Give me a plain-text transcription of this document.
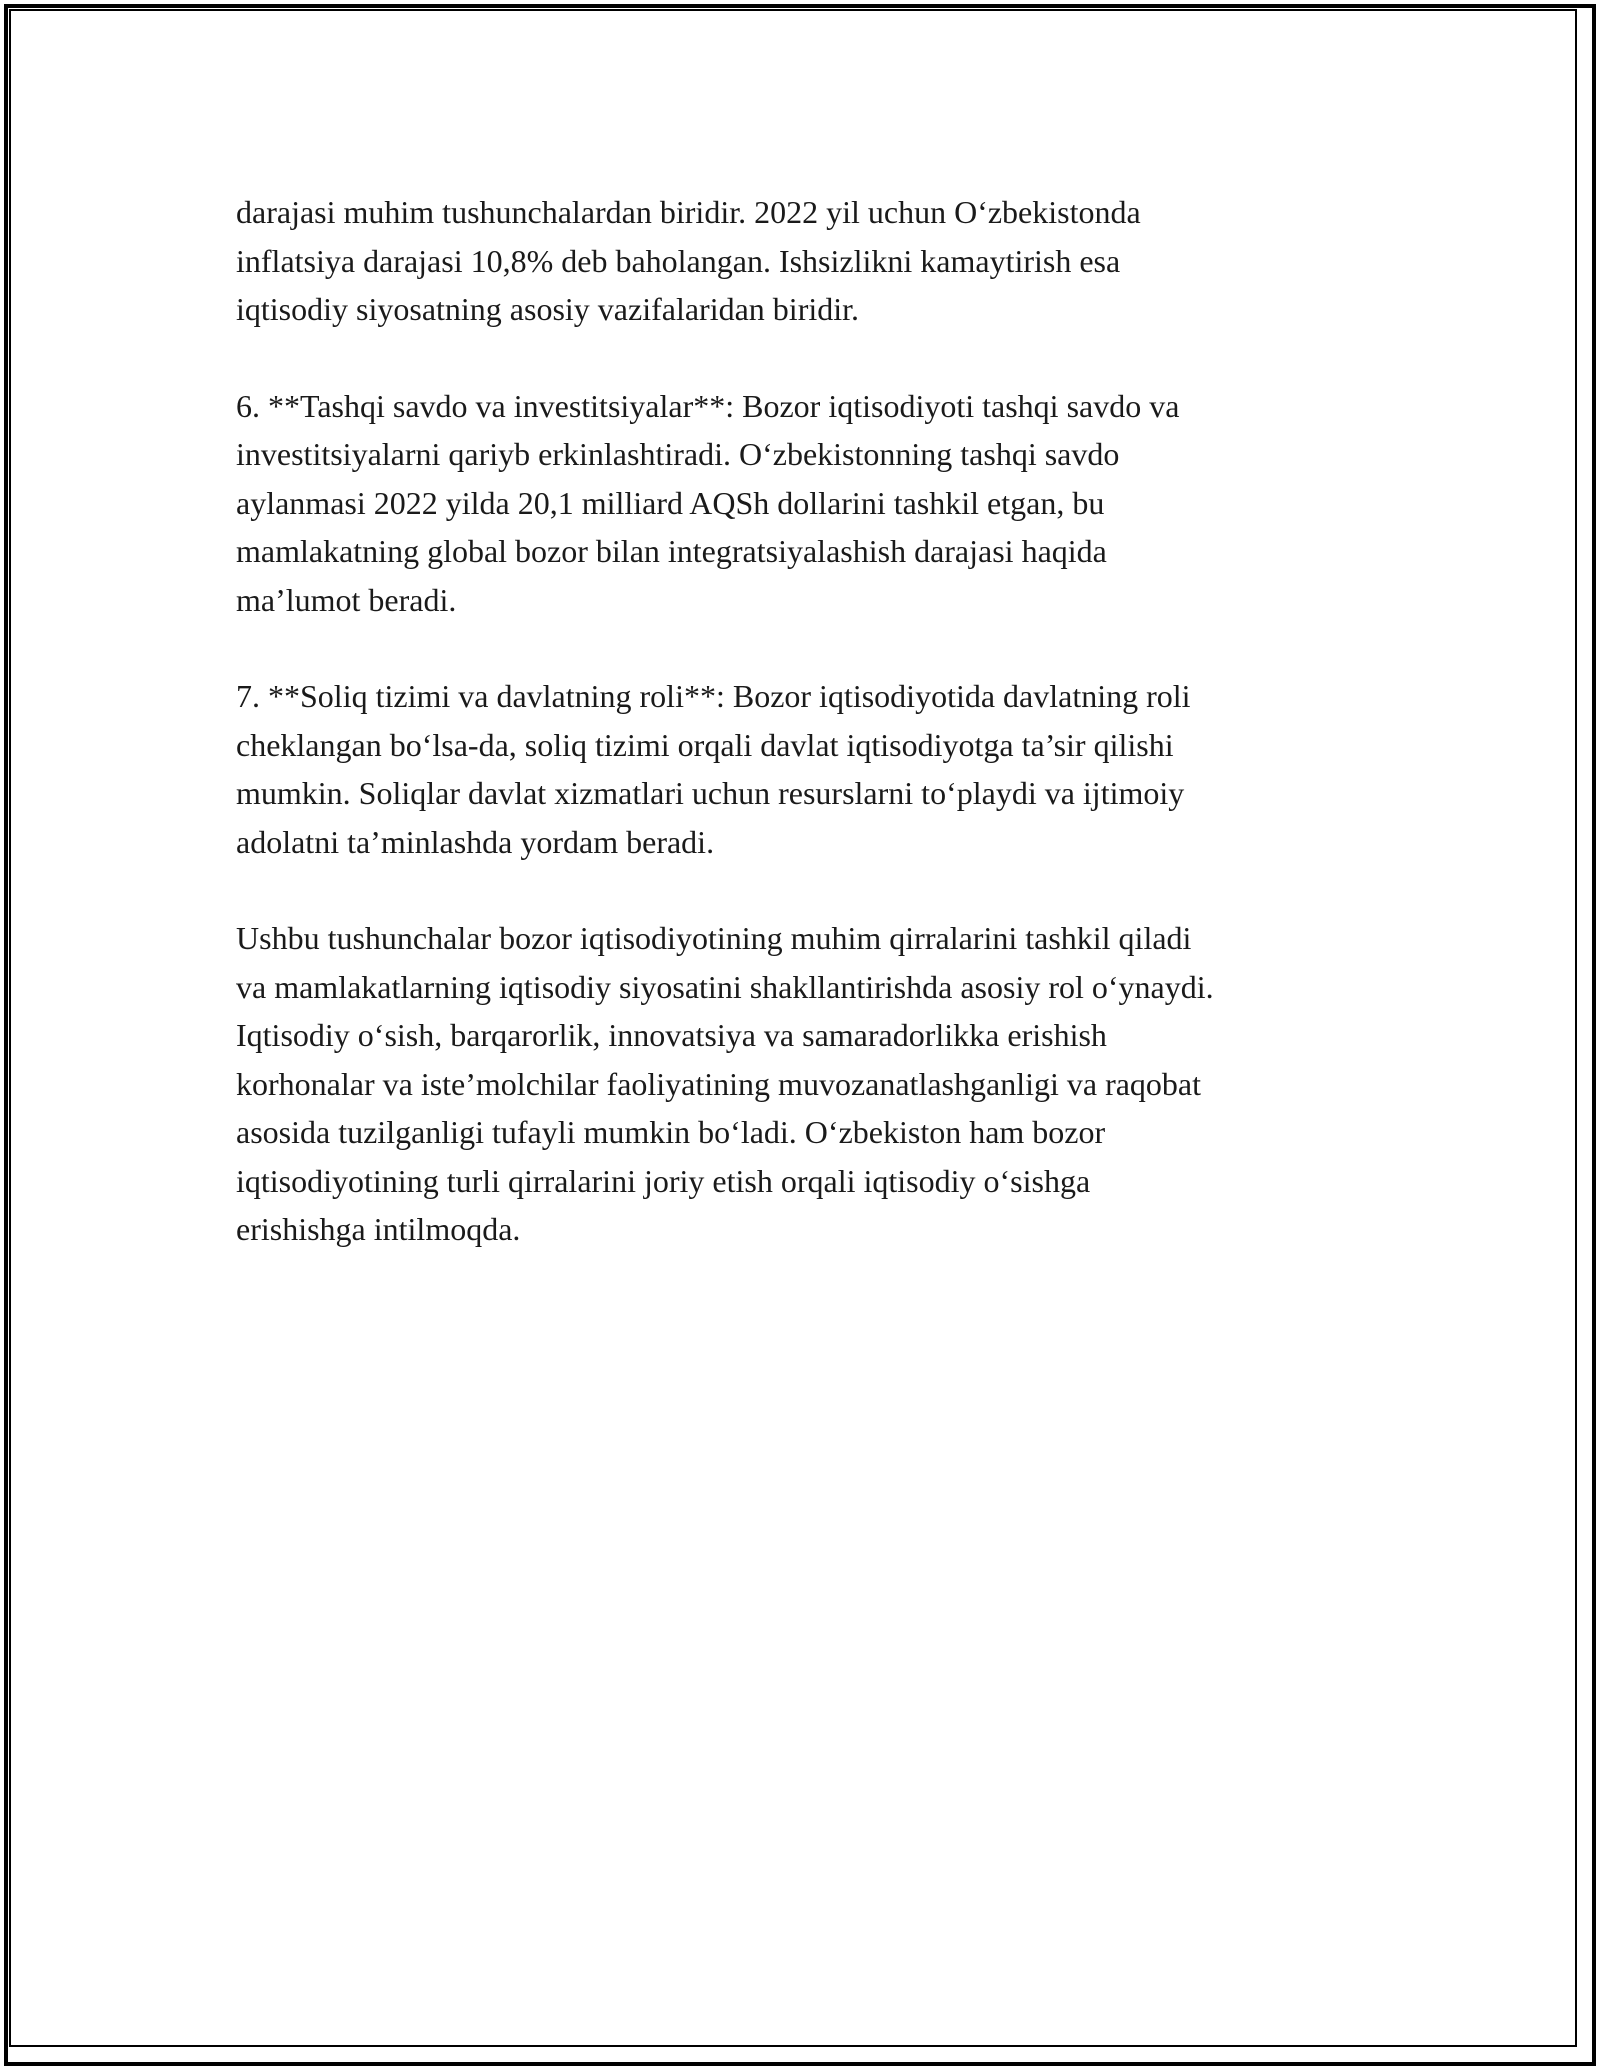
darajasi muhim tushunchalardan biridir. 2022 yil uchun O‘zbekistonda
inflatsiya darajasi 10,8% deb baholangan. Ishsizlikni kamaytirish esa
iqtisodiy siyosatning asosiy vazifalaridan biridir.

6. **Tashqi savdo va investitsiyalar**: Bozor iqtisodiyoti tashqi savdo va
investitsiyalarni qariyb erkinlashtiradi. O‘zbekistonning tashqi savdo
aylanmasi 2022 yilda 20,1 milliard AQSh dollarini tashkil etgan, bu
mamlakatning global bozor bilan integratsiyalashish darajasi haqida
ma’lumot beradi.

7. **Soliq tizimi va davlatning roli**: Bozor iqtisodiyotida davlatning roli
cheklangan bo‘lsa-da, soliq tizimi orqali davlat iqtisodiyotga ta’sir qilishi
mumkin. Soliqlar davlat xizmatlari uchun resurslarni to‘playdi va ijtimoiy
adolatni ta’minlashda yordam beradi.

Ushbu tushunchalar bozor iqtisodiyotining muhim qirralarini tashkil qiladi
va mamlakatlarning iqtisodiy siyosatini shakllantirishda asosiy rol o‘ynaydi.
Iqtisodiy o‘sish, barqarorlik, innovatsiya va samaradorlikka erishish
korhonalar va iste’molchilar faoliyatining muvozanatlashganligi va raqobat
asosida tuzilganligi tufayli mumkin bo‘ladi. O‘zbekiston ham bozor
iqtisodiyotining turli qirralarini joriy etish orqali iqtisodiy o‘sishga
erishishga intilmoqda.
